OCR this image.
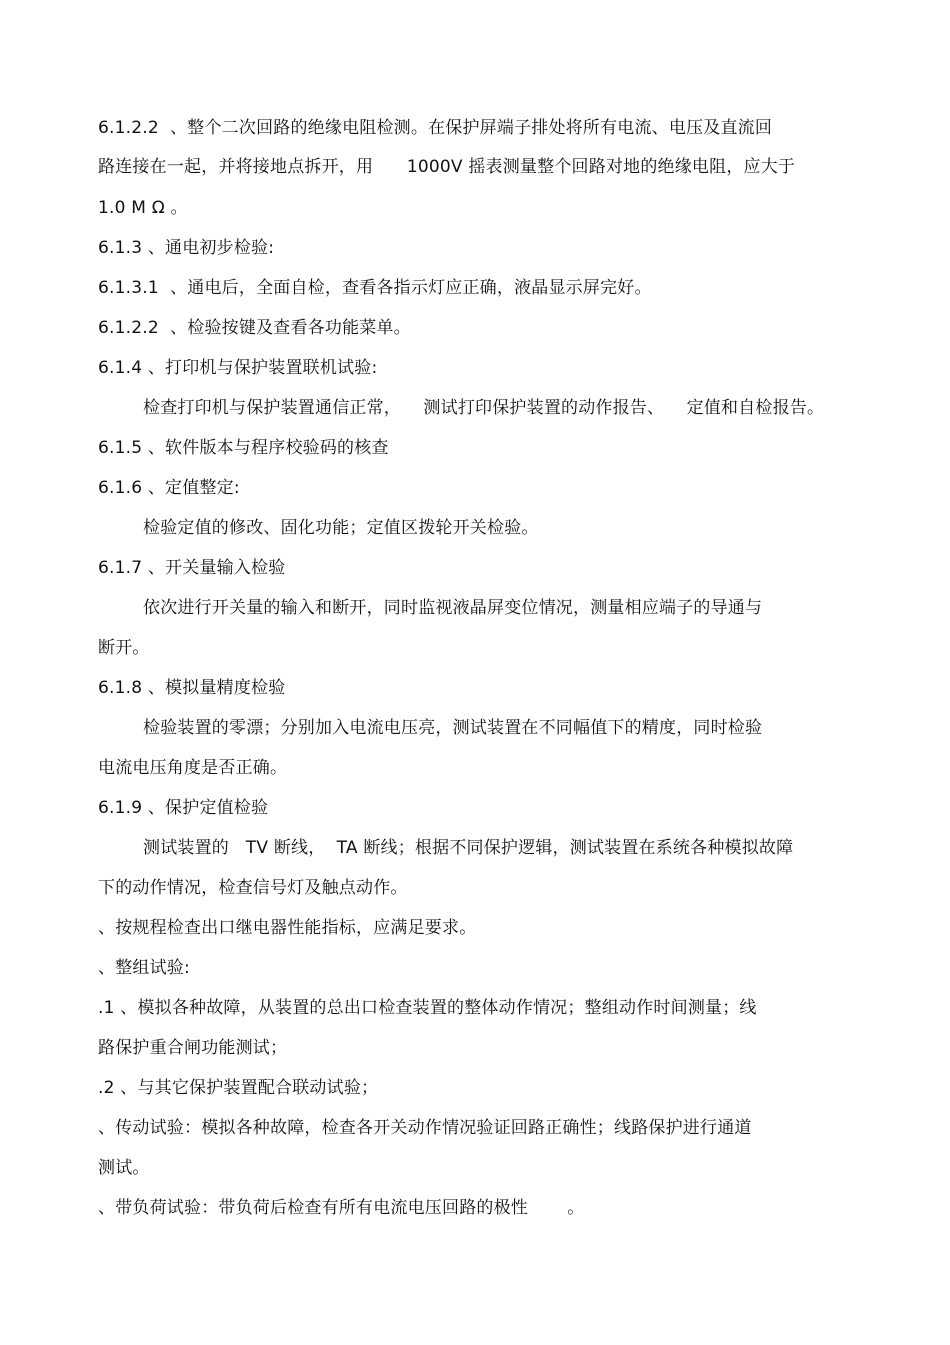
6.1.2.2  、整个二次回路的绝缘电阻检测。在保护屏端子排处将所有电流、电压及直流回
路连接在一起，并将接地点拆开，用      1000V 摇表测量整个回路对地的绝缘电阻，应大于
1.0 M Ω 。
6.1.3 、通电初步检验:
6.1.3.1  、通电后，全面自检，查看各指示灯应正确，液晶显示屏完好。
6.1.2.2  、检验按键及查看各功能菜单。
6.1.4 、打印机与保护装置联机试验:
检查打印机与保护装置通信正常，    测试打印保护装置的动作报告、    定值和自检报告。
6.1.5 、软件版本与程序校验码的核查
6.1.6 、定值整定:
检验定值的修改、固化功能；定值区拨轮开关检验。
6.1.7 、开关量输入检验
依次进行开关量的输入和断开，同时监视液晶屏变位情况，测量相应端子的导通与
断开。
6.1.8 、模拟量精度检验
检验装置的零漂；分别加入电流电压亮，测试装置在不同幅值下的精度，同时检验
电流电压角度是否正确。
6.1.9 、保护定值检验
测试装置的   TV 断线，  TA 断线；根据不同保护逻辑，测试装置在系统各种模拟故障
下的动作情况，检查信号灯及触点动作。
、按规程检查出口继电器性能指标，应满足要求。
、整组试验:
.1 、模拟各种故障，从装置的总出口检查装置的整体动作情况；整组动作时间测量；线
路保护重合闸功能测试；
.2 、与其它保护装置配合联动试验；
、传动试验：模拟各种故障，检查各开关动作情况验证回路正确性；线路保护进行通道
测试。
、带负荷试验：带负荷后检查有所有电流电压回路的极性       。
